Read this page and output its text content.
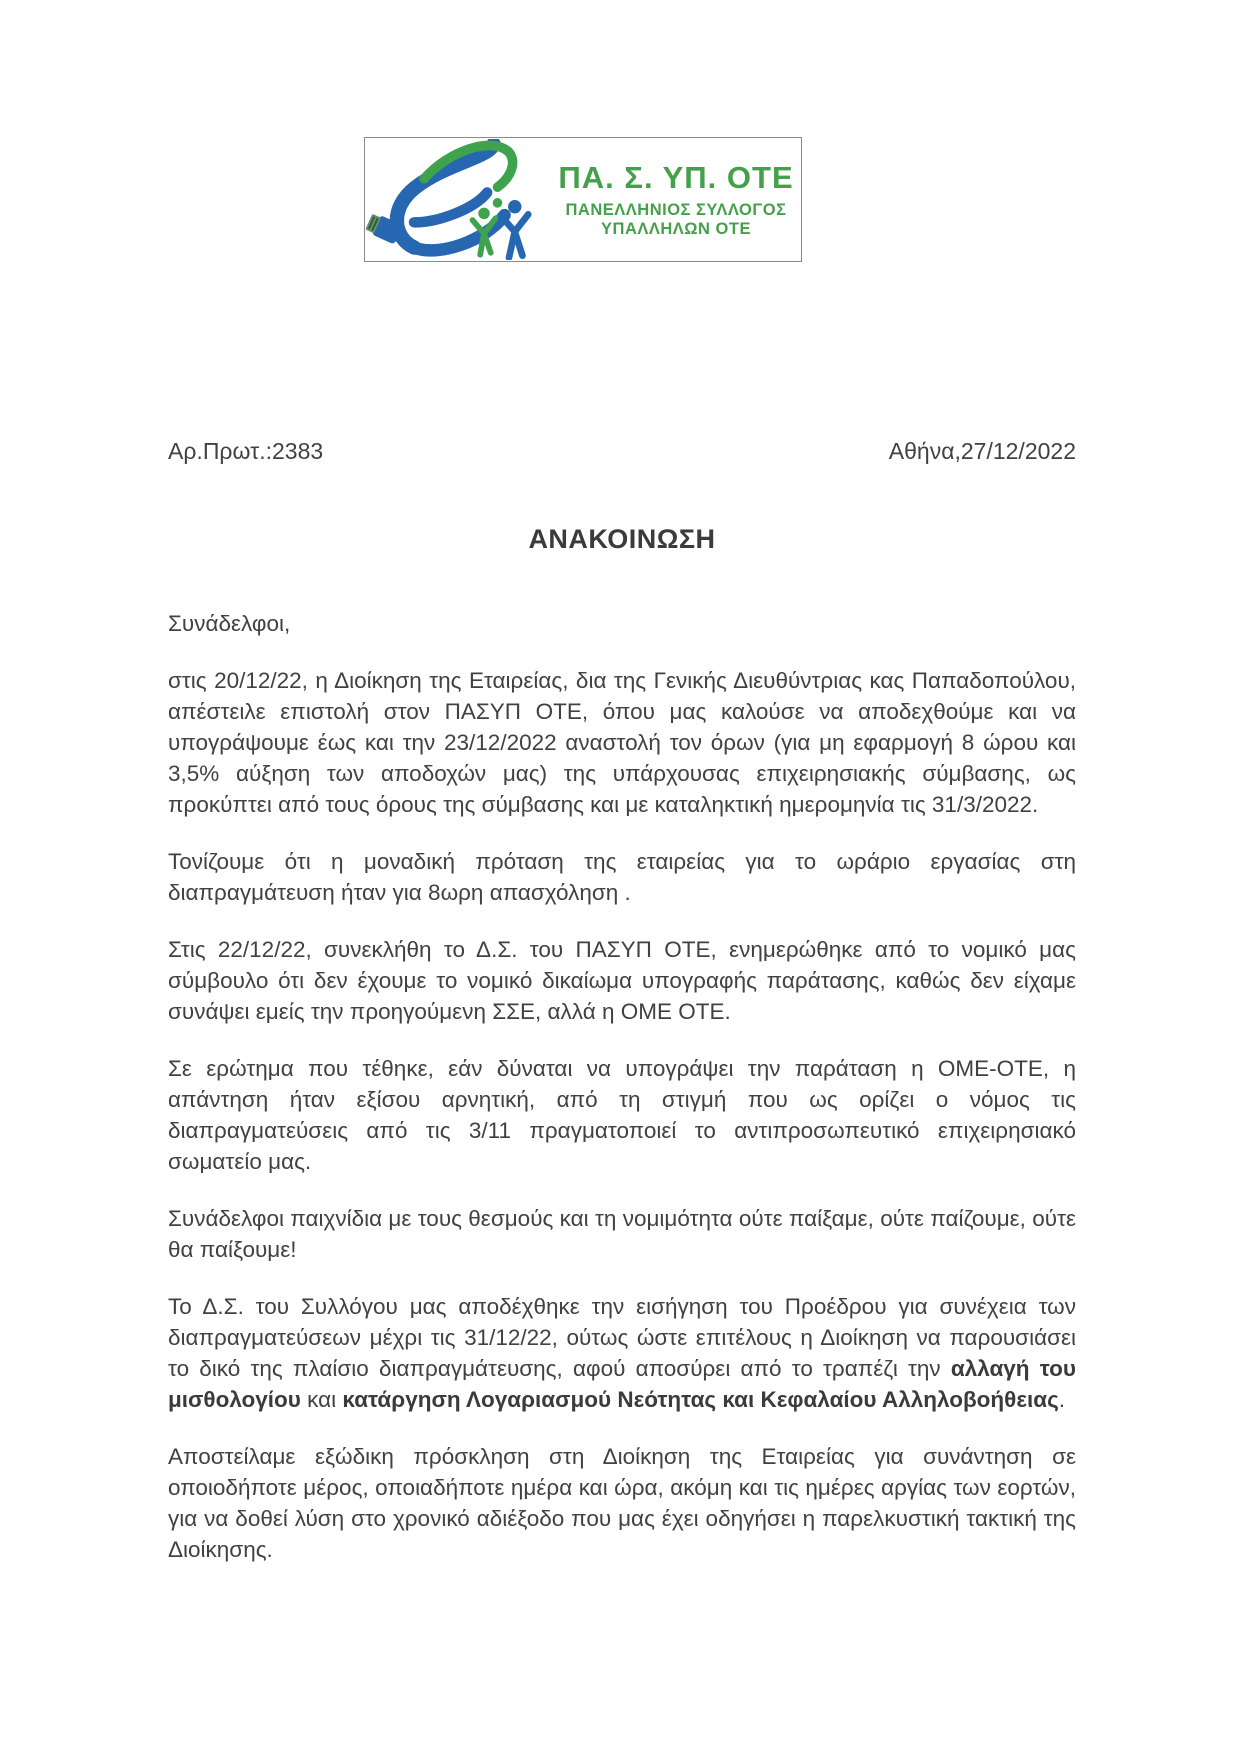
ΠΑ. Σ. ΥΠ. ΟΤΕ
ΠΑΝΕΛΛΗΝΙΟΣ ΣΥΛΛΟΓΟΣ
ΥΠΑΛΛΗΛΩΝ ΟΤΕ
Αρ.Πρωτ.:2383	Αθήνα,27/12/2022
ΑΝΑΚΟΙΝΩΣΗ

Συνάδελφοι,

στις 20/12/22, η Διοίκηση της Εταιρείας, δια της Γενικής Διευθύντριας κας Παπαδοπούλου, απέστειλε επιστολή στον ΠΑΣΥΠ ΟΤΕ, όπου μας καλούσε να αποδεχθούμε και να υπογράψουμε έως και την 23/12/2022 αναστολή τον όρων (για μη εφαρμογή 8 ώρου και 3,5% αύξηση των αποδοχών μας) της υπάρχουσας επιχειρησιακής σύμβασης, ως προκύπτει από τους όρους της σύμβασης και με καταληκτική ημερομηνία τις 31/3/2022.

Τονίζουμε ότι η μοναδική πρόταση της εταιρείας για το ωράριο εργασίας στη διαπραγμάτευση ήταν για 8ωρη απασχόληση .

Στις 22/12/22, συνεκλήθη το Δ.Σ. του ΠΑΣΥΠ ΟΤΕ, ενημερώθηκε από το νομικό μας σύμβουλο ότι δεν έχουμε το νομικό δικαίωμα υπογραφής παράτασης, καθώς δεν είχαμε συνάψει εμείς την προηγούμενη ΣΣΕ, αλλά η ΟΜΕ ΟΤΕ.

Σε ερώτημα που τέθηκε, εάν δύναται να υπογράψει την παράταση η ΟΜΕ-ΟΤΕ, η απάντηση ήταν εξίσου αρνητική, από τη στιγμή που ως ορίζει ο νόμος τις διαπραγματεύσεις από τις 3/11 πραγματοποιεί το αντιπροσωπευτικό επιχειρησιακό σωματείο μας.

Συνάδελφοι παιχνίδια με τους θεσμούς και τη νομιμότητα ούτε παίξαμε, ούτε παίζουμε, ούτε θα παίξουμε!

Το Δ.Σ. του Συλλόγου μας αποδέχθηκε την εισήγηση του Προέδρου για συνέχεια των διαπραγματεύσεων μέχρι τις 31/12/22, ούτως ώστε επιτέλους η Διοίκηση να παρουσιάσει το δικό της πλαίσιο διαπραγμάτευσης, αφού αποσύρει από το τραπέζι την αλλαγή του μισθολογίου και κατάργηση Λογαριασμού Νεότητας και Κεφαλαίου Αλληλοβοήθειας.

Αποστείλαμε εξώδικη πρόσκληση στη Διοίκηση της Εταιρείας για συνάντηση σε οποιοδήποτε μέρος, οποιαδήποτε ημέρα και ώρα, ακόμη και τις ημέρες αργίας των εορτών, για να δοθεί λύση στο χρονικό αδιέξοδο που μας έχει οδηγήσει η παρελκυστική τακτική της Διοίκησης.
